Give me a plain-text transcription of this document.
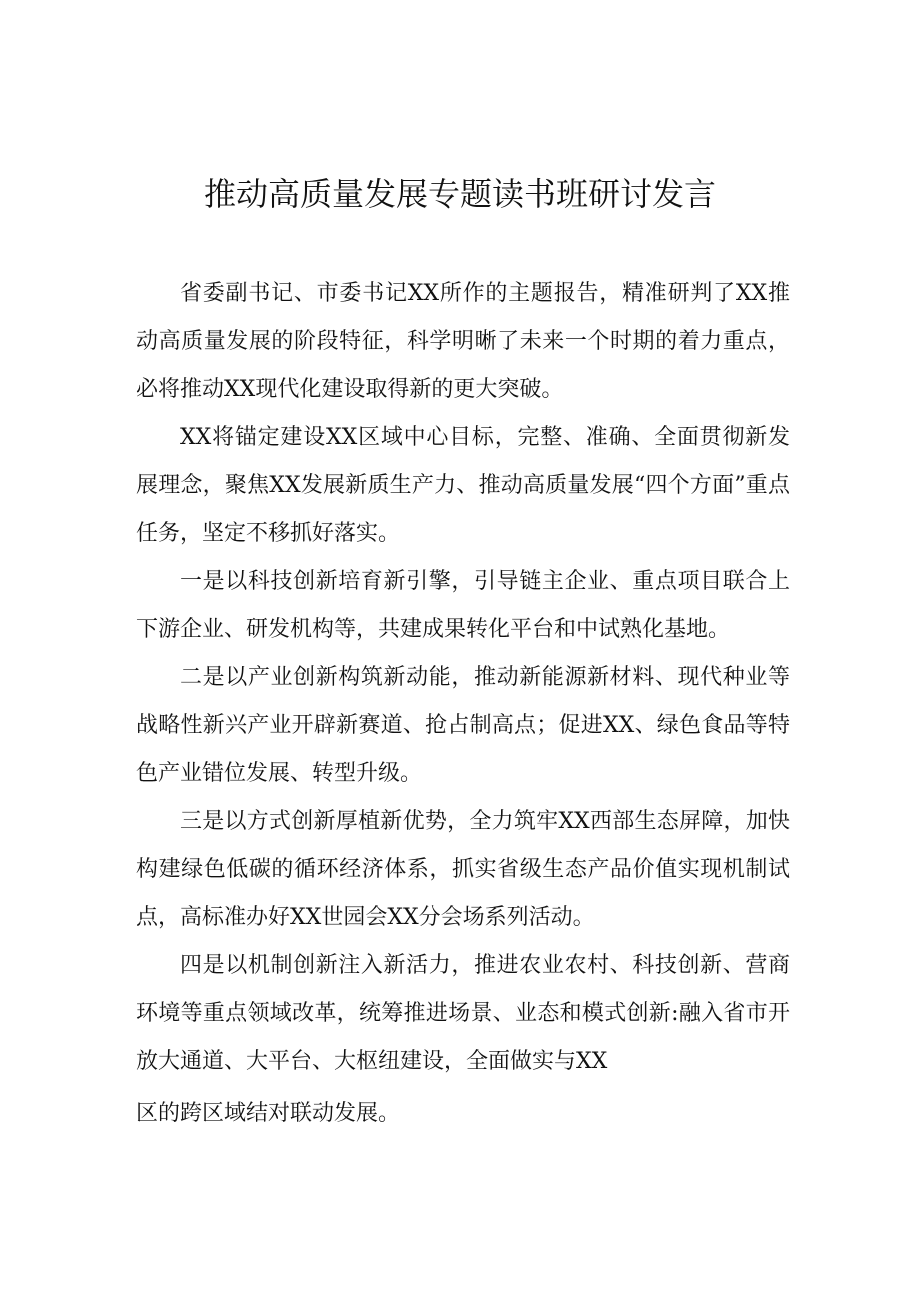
推动高质量发展专题读书班研讨发言

省委副书记、市委书记XX所作的主题报告，精准研判了XX推动高质量发展的阶段特征，科学明晰了未来一个时期的着力重点，必将推动XX现代化建设取得新的更大突破。

XX将锚定建设XX区域中心目标，完整、准确、全面贯彻新发展理念，聚焦XX发展新质生产力、推动高质量发展“四个方面”重点任务，坚定不移抓好落实。

一是以科技创新培育新引擎，引导链主企业、重点项目联合上下游企业、研发机构等，共建成果转化平台和中试熟化基地。

二是以产业创新构筑新动能，推动新能源新材料、现代种业等战略性新兴产业开辟新赛道、抢占制高点；促进XX、绿色食品等特色产业错位发展、转型升级。

三是以方式创新厚植新优势，全力筑牢XX西部生态屏障，加快构建绿色低碳的循环经济体系，抓实省级生态产品价值实现机制试点，高标准办好XX世园会XX分会场系列活动。

四是以机制创新注入新活力，推进农业农村、科技创新、营商环境等重点领域改革，统筹推进场景、业态和模式创新:融入省市开放大通道、大平台、大枢纽建设，全面做实与XX

区的跨区域结对联动发展。
